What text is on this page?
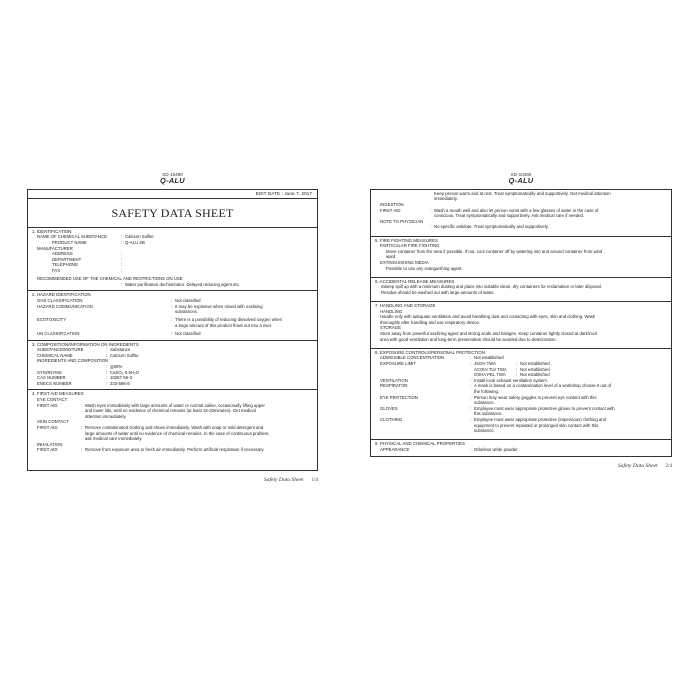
SD-10490
Q-ALU
EDIT DATE : June 7, 2017
SAFETY DATA SHEET
1. IDENTIFICATION
NAME OF CHEMICAL SUBSTANCE	: Calcium Sulfite
PRODUCT NAME	: Q-ALU ZB
MANUFACTURER
ADDRESS	:
DEPARTMENT	:
TELEPHONE	:
FAX	:
RECOMMENDED USE OF THE CHEMICAL AND RESTRICTIONS ON USE
: Water purification dechlorinator. Delayed reducing agent etc.
2. HAZARD IDENTIFICATION
GHS CLASSIFICATION	: Not classified
HAZARD COMMUNICATION	: It may be explosive when mixed with oxidising
substances.
ECOTOXICITY	: There is a possibility of reducing dissolved oxygen when
a large amount of this product flows out into a river.
UN CLASSIFICATION	: Not classified
3. COMPOSITION/INFORMATION ON INGREDIENTS
SUBSTANCE/MIXTURE	: Substance
CHEMICAL NAME	: Calcium Sulfite
INGREDIENTS AND COMPOSITION
: ≧90%
SYNONYMS	: CaSO₃·0.5H₂O
CAS NUMBER	: 10257-55-3
ENECS NUMBER	: 233-596-8
4. FIRST AID MEASURES
EYE CONTACT
FIRST AID	: Wash eyes immediately with large amounts of water or normal saline, occasionally lifting upper
and lower lids, until no evidence of chemical remains (at least 15-20minutes). Get medical
attention immediately.
SKIN CONTACT
FIRST AID	: Remove contaminated clothing and shoes immediately. Wash with soap or mild detergent and
large amounts of water until no evidence of chemical remains. In the case of continuous problem,
ask medical care immediately.
INHALATION
FIRST AID	: Remove from exposure area to fresh air immediately. Perform artificial respiration if necessary.
Safety Data Sheet 1/4
SD-10490
Q-ALU
Keep person warm and at rest. Treat symptomatically and supportively. Get medical attention
immediately.
INGESTION
FIRST AID	: Wash a mouth well and also let person vomit with a few glasses of water in the case of
conscious. Treat symptomatically and supportively. Ask medical care if needed.
NOTE TO PHYSICIAN
: No specific antidote. Treat symptomatically and supportively.
5. FIRE FIGHTING MEASURES
PARTICULAR FIRE FIGHTING
Move container from fire area if possible. If not, cool container off by watering into and around container from wind
ward.
EXTINGUISHING MEDIA
Possible to use any extinguishing agent.
6. ACCIDENTAL RELEASE MEASURES
Sweep spill up with a minimum dusting and place into suitable clean, dry containers for reclamation or later disposal.
Residue should be washed out with large amounts of water.
7. HANDLING AND STORAGE
HANDLING
Handle only with adequate ventilation and avoid breathing dust and contacting with eyes, skin and clothing. Wash
thoroughly after handling and use respiratory device.
STORAGE
Store away from powerful oxidizing agent and strong acids and halogen. Keep container tightly closed at dark/cool
area with good ventilation and long-term preservation should be avoided due to deterioration.
8. EXPOSURE CONTROLS/PERSONAL PROTECTION
ADMISSIBLE CONCENTRATION	: Not established
EXPOSURE LIMIT	: JSOH TWA	: Not established
ACGIH TLV TWA	: Not established
OSHA PEL TWA	: Not established
VENTILATION	: Install local exhaust ventilation system.
RESPIRATOR	: A mask is based on a contamination level of a workshop choose it out of
the following.
EYE PROTECTION	: Person may wear safety goggles to prevent eye contact with this
substance.
GLOVES	: Employee must wear appropriate protective gloves to prevent contact with
this substance.
CLOTHING	: Employee must wear appropriate protective (impervious) clothing and
equipment to prevent repeated or prolonged skin contact with this
substance.
9. PHYSICAL AND CHEMICAL PROPERTIES
APPEARANCE	: Odorless white powder
Safety Data Sheet 2/4
